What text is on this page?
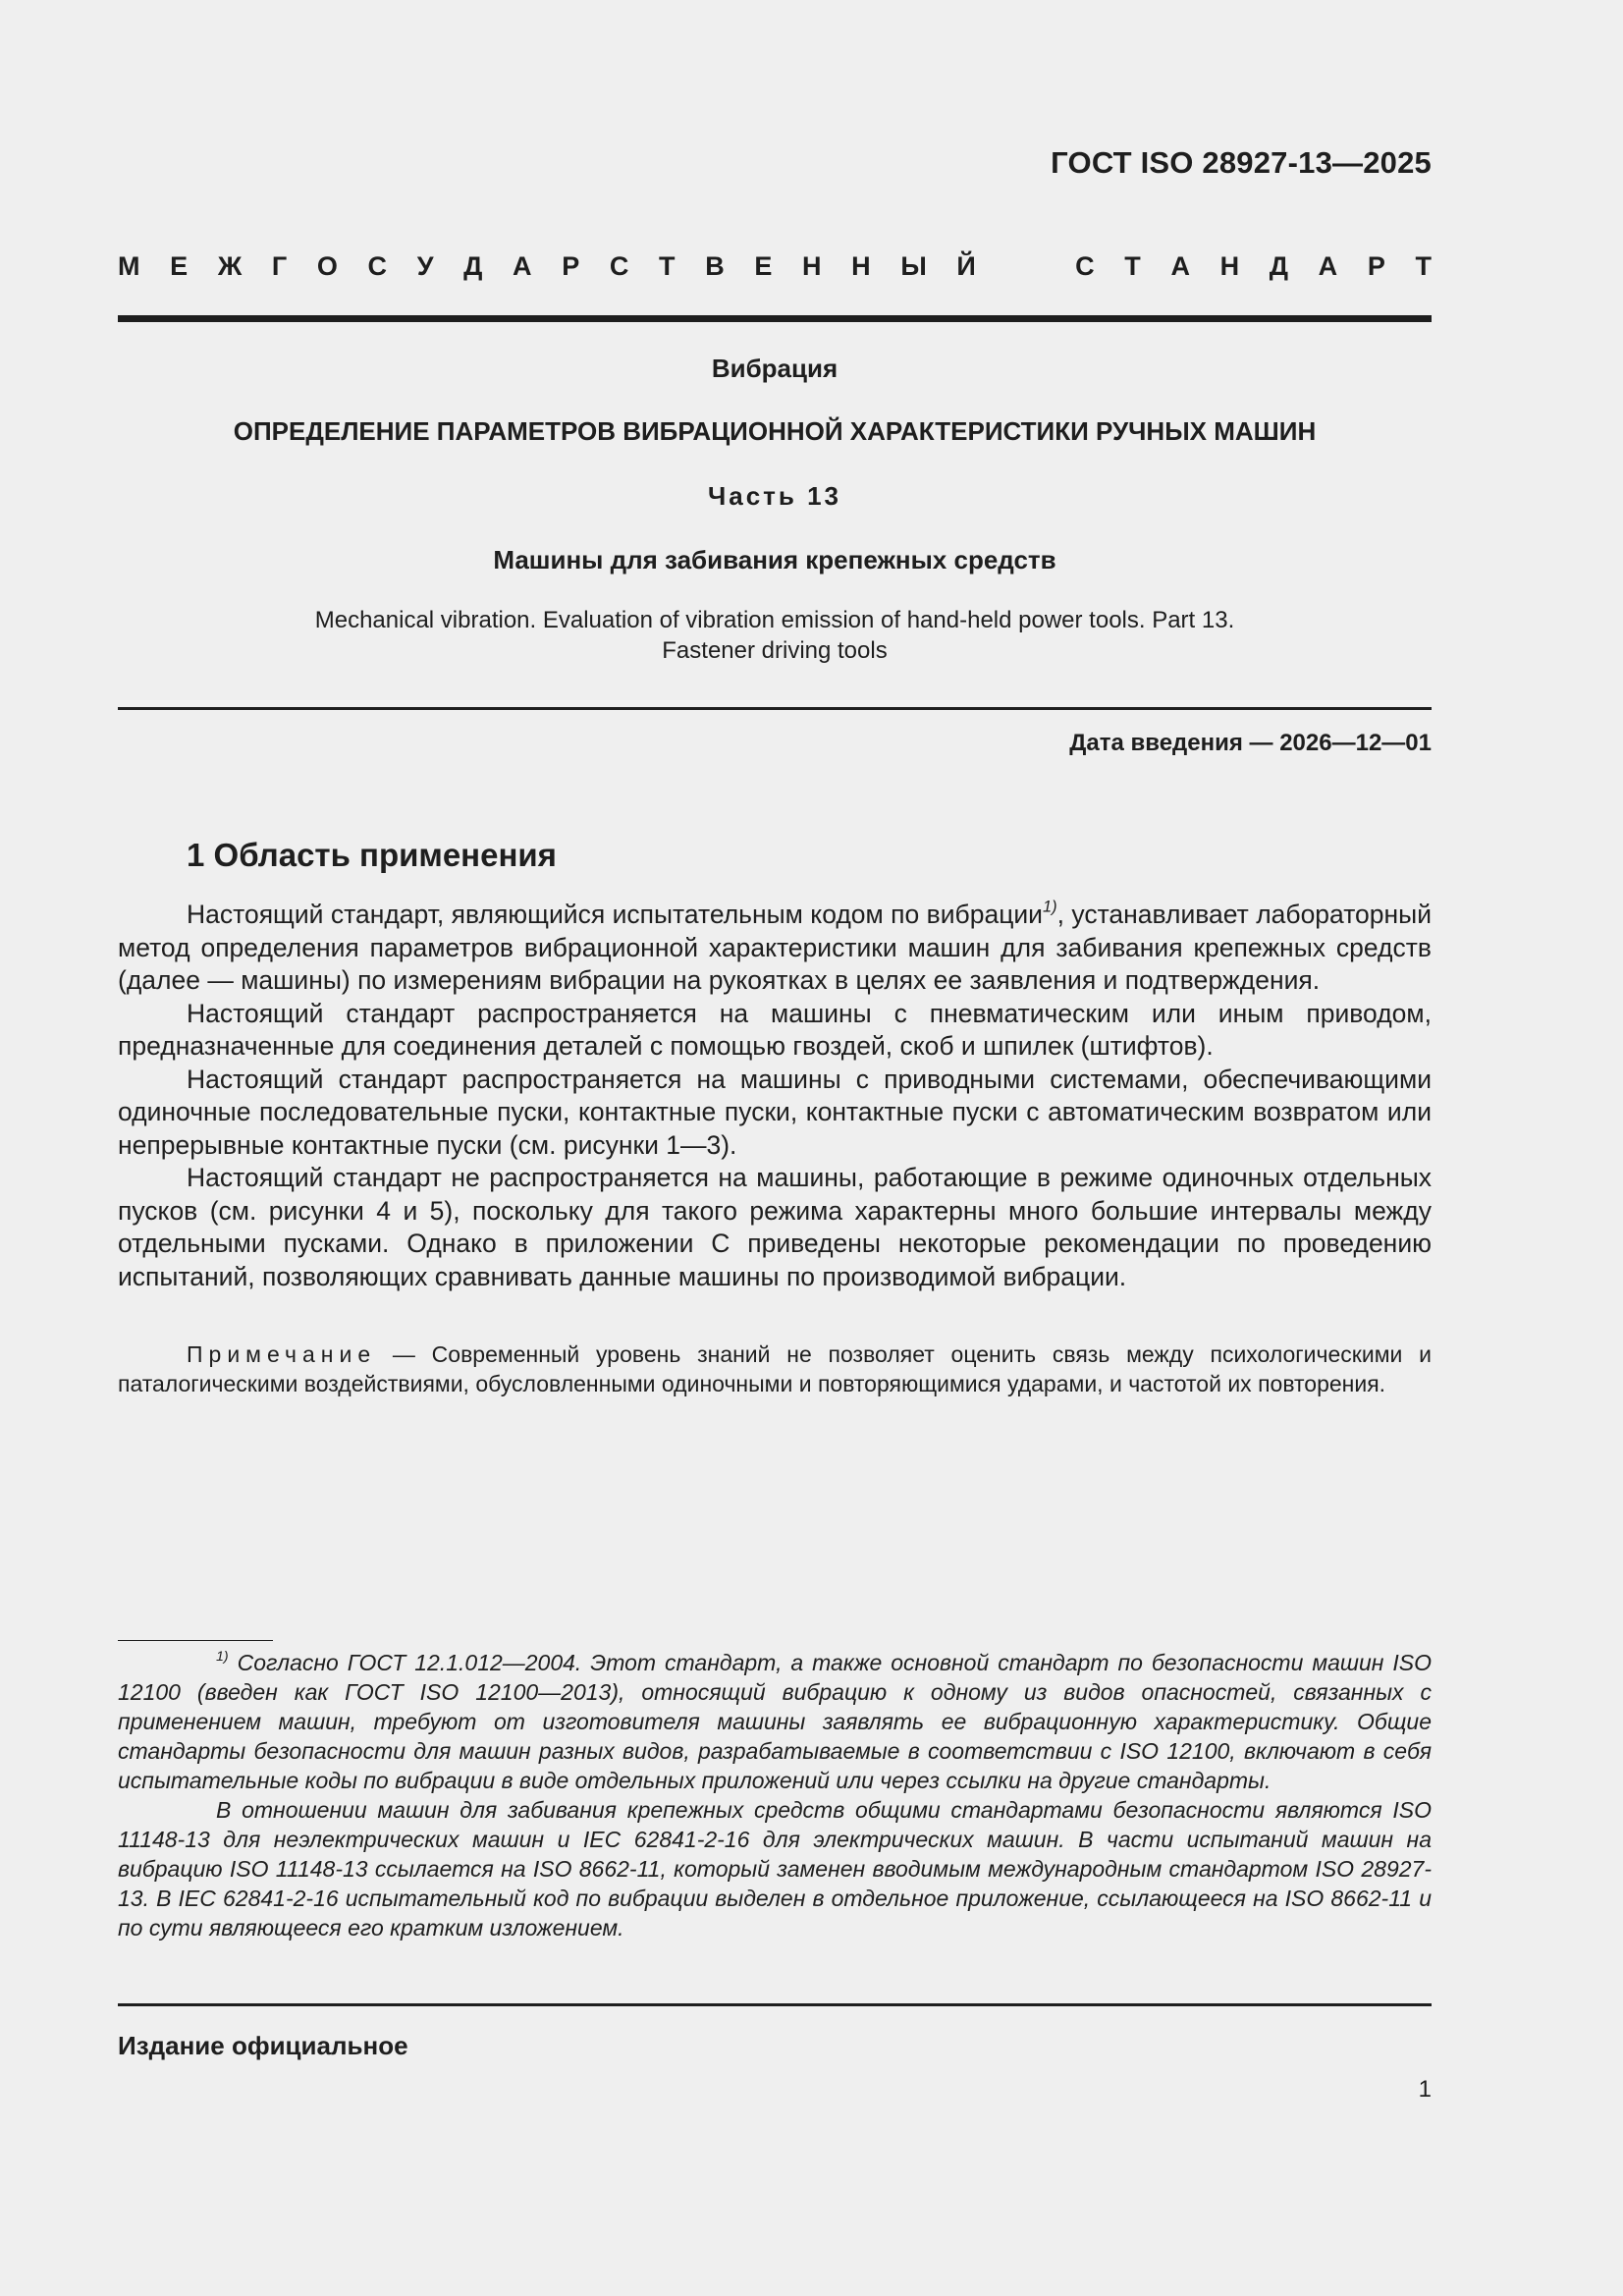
ГОСТ ISO 28927-13—2025
М Е Ж Г О С У Д А Р С Т В Е Н Н Ы Й	С Т А Н Д А Р Т
Вибрация
ОПРЕДЕЛЕНИЕ ПАРАМЕТРОВ ВИБРАЦИОННОЙ ХАРАКТЕРИСТИКИ РУЧНЫХ МАШИН
Часть 13
Машины для забивания крепежных средств
Mechanical vibration. Evaluation of vibration emission of hand-held power tools. Part 13.
Fastener driving tools
Дата введения — 2026—12—01
1 Область применения

Настоящий стандарт, являющийся испытательным кодом по вибрации$^{1)}$, устанавливает лабораторный метод определения параметров вибрационной характеристики машин для забивания крепежных средств (далее — машины) по измерениям вибрации на рукоятках в целях ее заявления и подтверждения.

Настоящий стандарт распространяется на машины с пневматическим или иным приводом, предназначенные для соединения деталей с помощью гвоздей, скоб и шпилек (штифтов).

Настоящий стандарт распространяется на машины с приводными системами, обеспечивающими одиночные последовательные пуски, контактные пуски, контактные пуски с автоматическим возвратом или непрерывные контактные пуски (см. рисунки 1—3).

Настоящий стандарт не распространяется на машины, работающие в режиме одиночных отдельных пусков (см. рисунки 4 и 5), поскольку для такого режима характерны много большие интервалы между отдельными пусками. Однако в приложении С приведены некоторые рекомендации по проведению испытаний, позволяющих сравнивать данные машины по производимой вибрации.

Примечание — Современный уровень знаний не позволяет оценить связь между психологическими и паталогическими воздействиями, обусловленными одиночными и повторяющимися ударами, и частотой их повторения.

$^{1)}$ Согласно ГОСТ 12.1.012—2004. Этот стандарт, а также основной стандарт по безопасности машин ISO 12100 (введен как ГОСТ ISO 12100—2013), относящий вибрацию к одному из видов опасностей, связанных с применением машин, требуют от изготовителя машины заявлять ее вибрационную характеристику. Общие стандарты безопасности для машин разных видов, разрабатываемые в соответствии с ISO 12100, включают в себя испытательные коды по вибрации в виде отдельных приложений или через ссылки на другие стандарты.

В отношении машин для забивания крепежных средств общими стандартами безопасности являются ISO 11148-13 для неэлектрических машин и IEC 62841-2-16 для электрических машин. В части испытаний машин на вибрацию ISO 11148-13 ссылается на ISO 8662-11, который заменен вводимым международным стандартом ISO 28927-13. В IEC 62841-2-16 испытательный код по вибрации выделен в отдельное приложение, ссылающееся на ISO 8662-11 и по сути являющееся его кратким изложением.

Издание официальное
1
